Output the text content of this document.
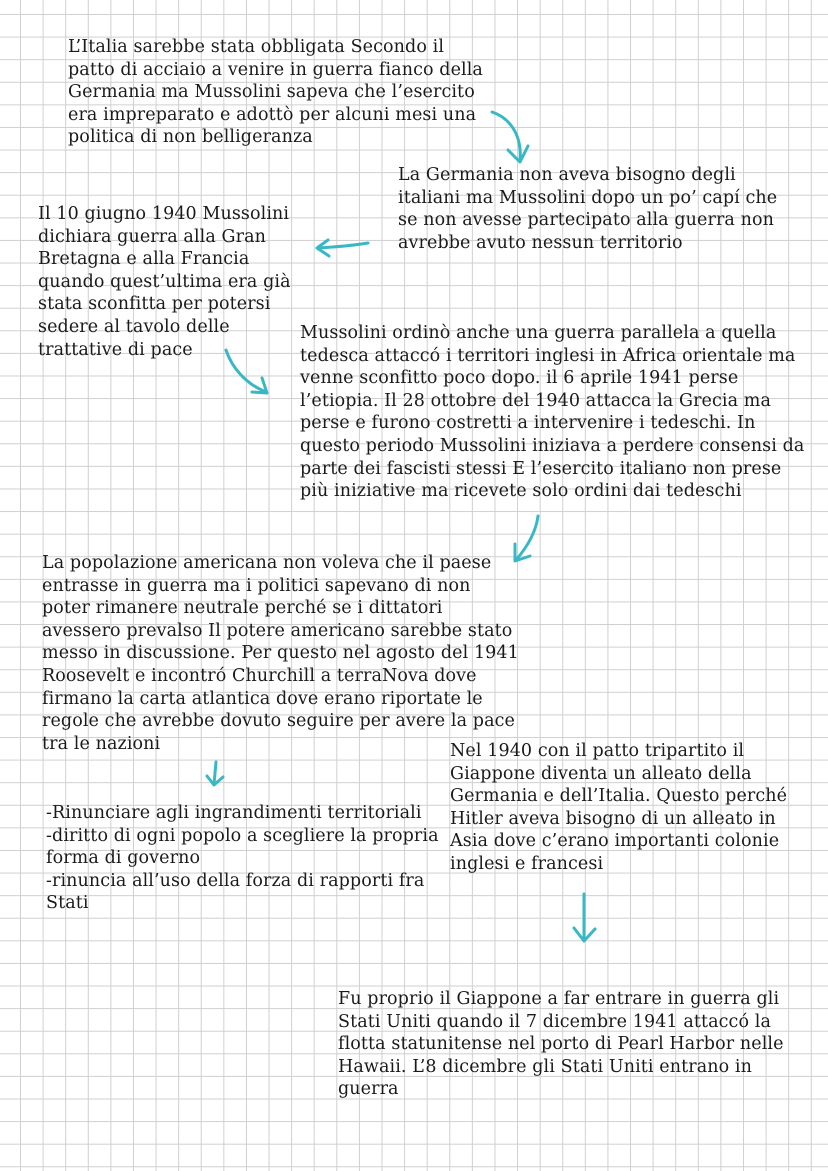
L’Italia sarebbe stata obbligata Secondo il patto di acciaio a venire in guerra fianco della Germania ma Mussolini sapeva che l’esercito era impreparato e adottò per alcuni mesi una politica di non belligeranza

La Germania non aveva bisogno degli italiani ma Mussolini dopo un po’ capí che se non avesse partecipato alla guerra non avrebbe avuto nessun territorio

Il 10 giugno 1940 Mussolini dichiara guerra alla Gran Bretagna e alla Francia quando quest’ultima era già stata sconfitta per potersi sedere al tavolo delle trattative di pace

Mussolini ordinò anche una guerra parallela a quella tedesca attaccó i territori inglesi in Africa orientale ma venne sconfitto poco dopo. il 6 aprile 1941 perse l’etiopia. Il 28 ottobre del 1940 attacca la Grecia ma perse e furono costretti a intervenire i tedeschi. In questo periodo Mussolini iniziava a perdere consensi da parte dei fascisti stessi E l’esercito italiano non prese più iniziative ma ricevete solo ordini dai tedeschi

La popolazione americana non voleva che il paese entrasse in guerra ma i politici sapevano di non poter rimanere neutrale perché se i dittatori avessero prevalso Il potere americano sarebbe stato messo in discussione. Per questo nel agosto del 1941 Roosevelt e incontró Churchill a terraNova dove firmano la carta atlantica dove erano riportate le regole che avrebbe dovuto seguire per avere la pace tra le nazioni

-Rinunciare agli ingrandimenti territoriali
-diritto di ogni popolo a scegliere la propria forma di governo
-rinuncia all’uso della forza di rapporti fra Stati

Nel 1940 con il patto tripartito il Giappone diventa un alleato della Germania e dell’Italia. Questo perché Hitler aveva bisogno di un alleato in Asia dove c’erano importanti colonie inglesi e francesi

Fu proprio il Giappone a far entrare in guerra gli Stati Uniti quando il 7 dicembre 1941 attaccó la flotta statunitense nel porto di Pearl Harbor nelle Hawaii. L’8 dicembre gli Stati Uniti entrano in guerra
